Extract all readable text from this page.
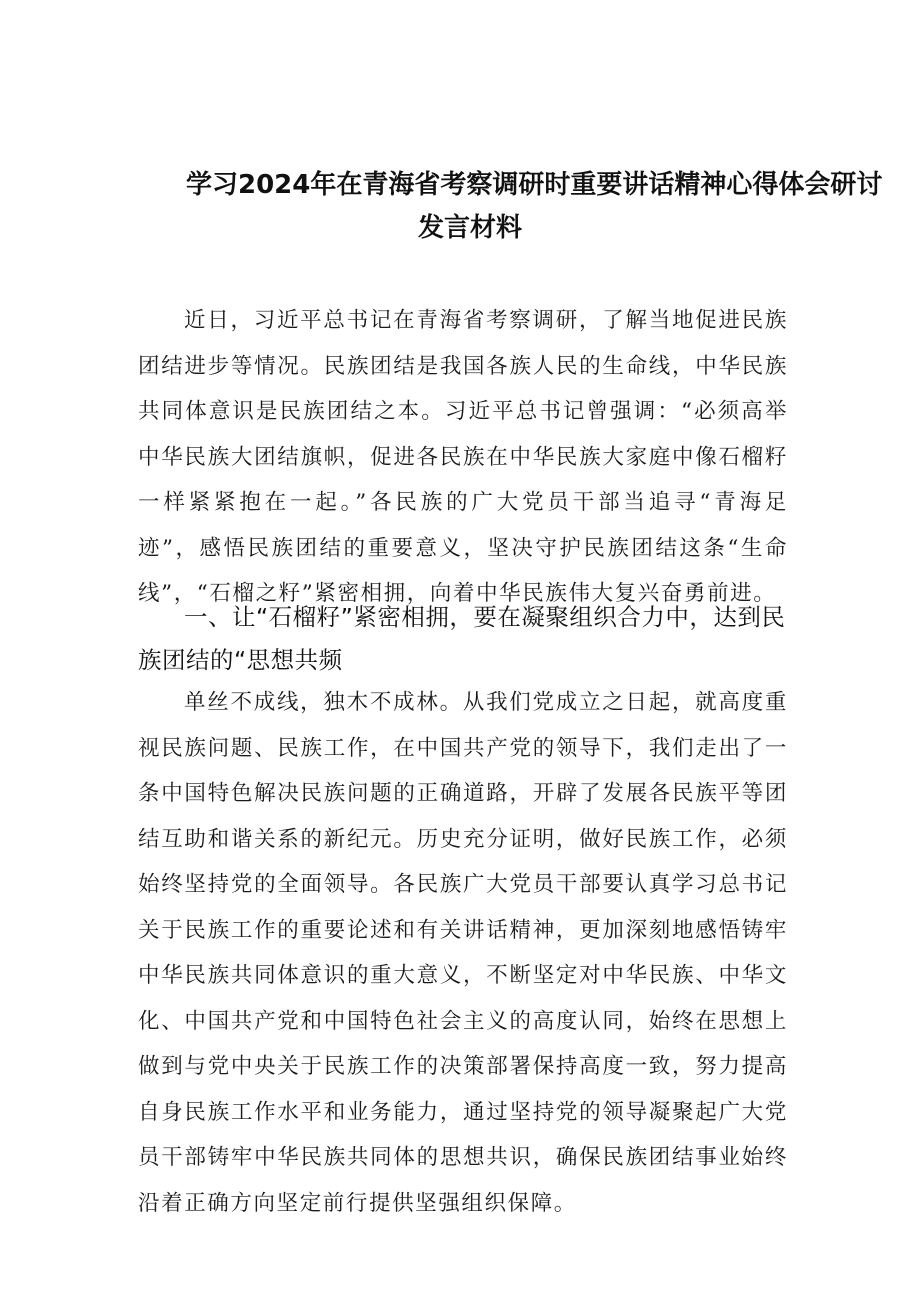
学习2024年在青海省考察调研时重要讲话精神心得体会研讨
发言材料

近日，习近平总书记在青海省考察调研，了解当地促进民族团结进步等情况。民族团结是我国各族人民的生命线，中华民族共同体意识是民族团结之本。习近平总书记曾强调：“必须高举中华民族大团结旗帜，促进各民族在中华民族大家庭中像石榴籽一样紧紧抱在一起。”各民族的广大党员干部当追寻“青海足迹”，感悟民族团结的重要意义，坚决守护民族团结这条“生命线”，“石榴之籽”紧密相拥，向着中华民族伟大复兴奋勇前进。

一、让“石榴籽”紧密相拥，要在凝聚组织合力中，达到民族团结的“思想共频

单丝不成线，独木不成林。从我们党成立之日起，就高度重视民族问题、民族工作，在中国共产党的领导下，我们走出了一条中国特色解决民族问题的正确道路，开辟了发展各民族平等团结互助和谐关系的新纪元。历史充分证明，做好民族工作，必须始终坚持党的全面领导。各民族广大党员干部要认真学习总书记关于民族工作的重要论述和有关讲话精神，更加深刻地感悟铸牢中华民族共同体意识的重大意义，不断坚定对中华民族、中华文化、中国共产党和中国特色社会主义的高度认同，始终在思想上做到与党中央关于民族工作的决策部署保持高度一致，努力提高自身民族工作水平和业务能力，通过坚持党的领导凝聚起广大党员干部铸牢中华民族共同体的思想共识，确保民族团结事业始终沿着正确方向坚定前行提供坚强组织保障。
